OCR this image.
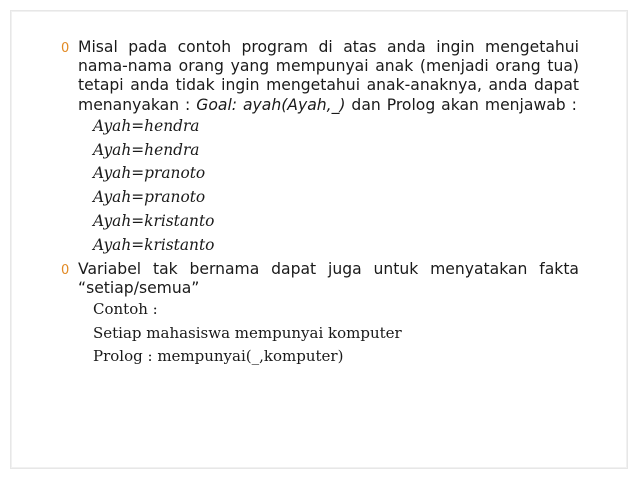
0 Misal pada contoh program di atas anda ingin mengetahui nama-nama orang yang mempunyai anak (menjadi orang tua) tetapi anda tidak ingin mengetahui anak-anaknya, anda dapat menanyakan : Goal: ayah(Ayah,_) dan Prolog akan menjawab :
Ayah=hendra
Ayah=hendra
Ayah=pranoto
Ayah=pranoto
Ayah=kristanto
Ayah=kristanto
0 Variabel tak bernama dapat juga untuk menyatakan fakta “setiap/semua”
Contoh :
Setiap mahasiswa mempunyai komputer
Prolog : mempunyai(_,komputer)
